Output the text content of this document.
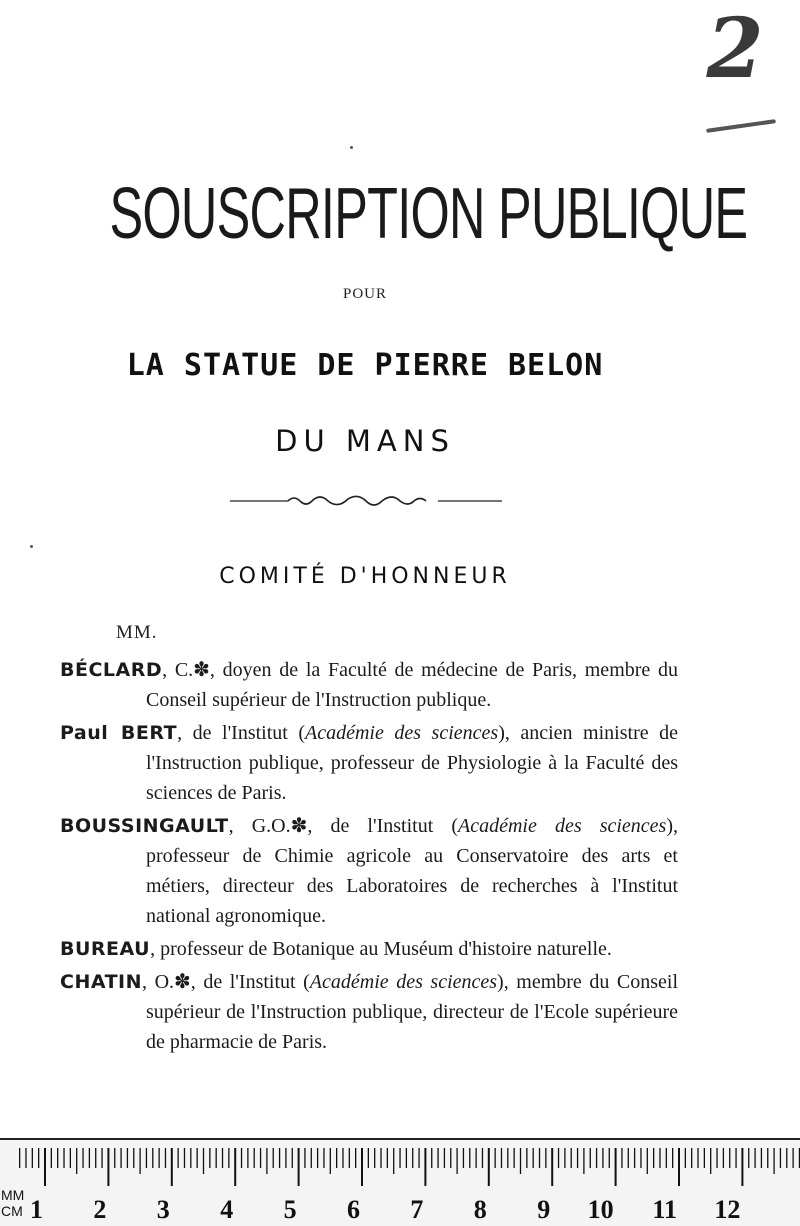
2
SOUSCRIPTION PUBLIQUE
POUR
LA STATUE DE PIERRE BELON
DU MANS
COMITÉ D'HONNEUR
MM.

BÉCLARD, C.✽, doyen de la Faculté de médecine de Paris, membre du Conseil supérieur de l'Instruction publique.

Paul BERT, de l'Institut (Académie des sciences), ancien ministre de l'Instruction publique, professeur de Physiologie à la Faculté des sciences de Paris.

BOUSSINGAULT, G.O.✽, de l'Institut (Académie des sciences), professeur de Chimie agricole au Conservatoire des arts et métiers, directeur des Laboratoires de recherches à l'Institut national agronomique.

BUREAU, professeur de Botanique au Muséum d'histoire naturelle.

CHATIN, O.✽, de l'Institut (Académie des sciences), membre du Conseil supérieur de l'Instruction publique, directeur de l'Ecole supérieure de pharmacie de Paris.

MM
CM 1 2 3 4 5 6 7 8 9 10 11 12
